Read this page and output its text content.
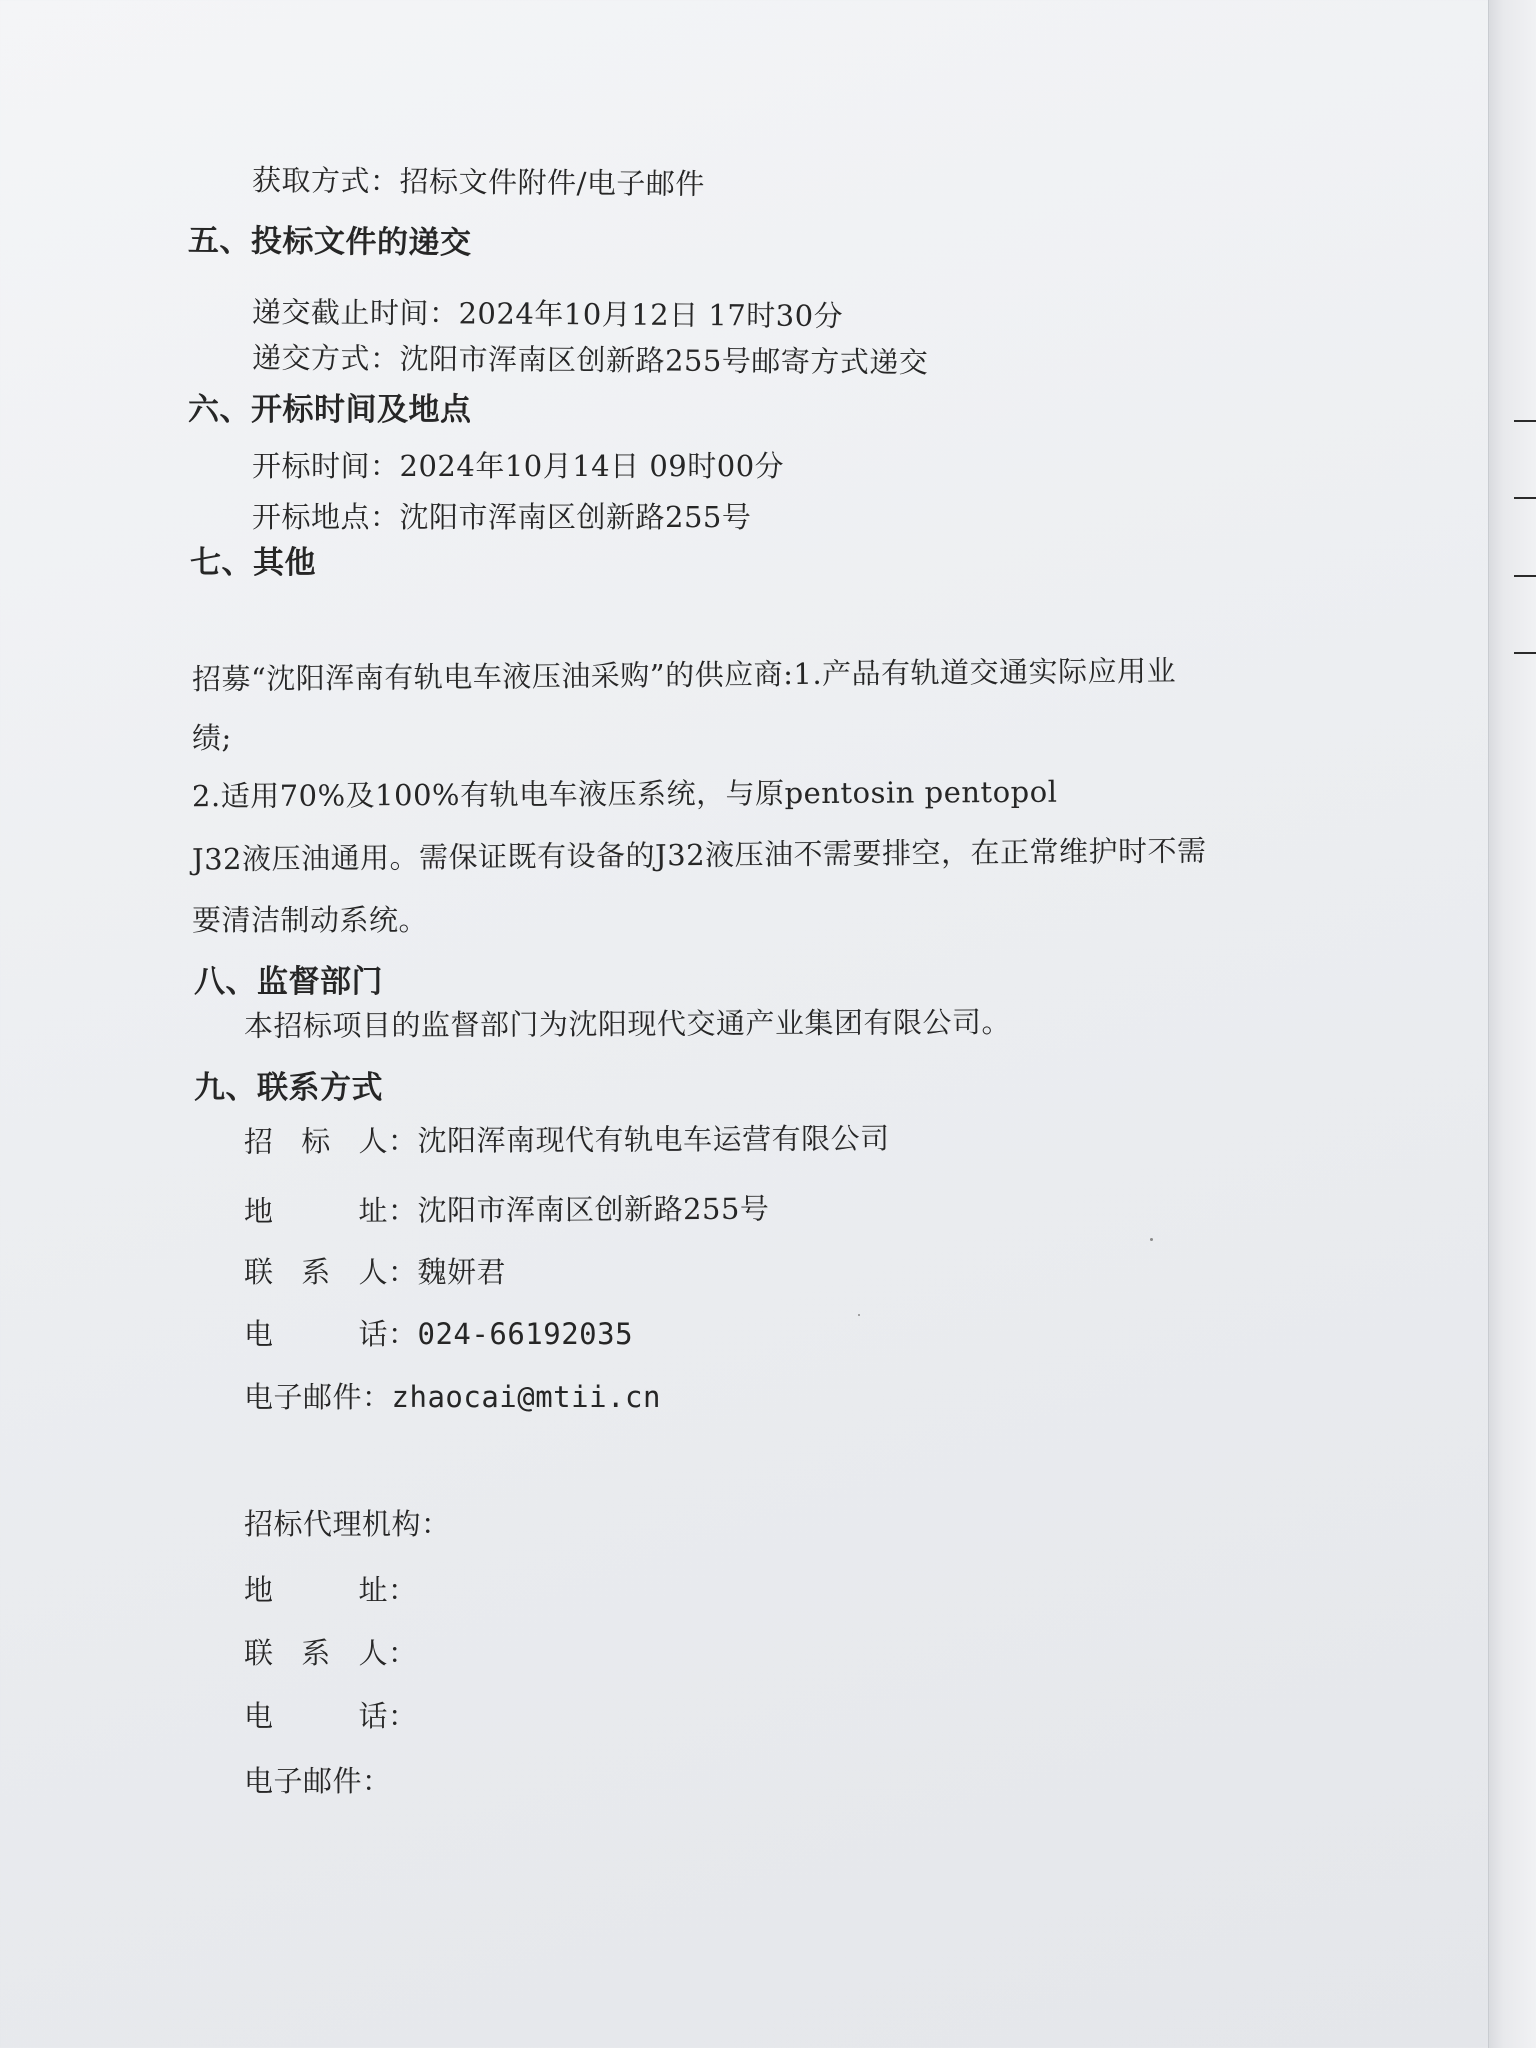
获取方式：招标文件附件/电子邮件
五、投标文件的递交
递交截止时间：2024年10月12日 17时30分
递交方式：沈阳市浑南区创新路255号邮寄方式递交
六、开标时间及地点
开标时间：2024年10月14日 09时00分
开标地点：沈阳市浑南区创新路255号
七、其他
招募“沈阳浑南有轨电车液压油采购”的供应商:1.产品有轨道交通实际应用业
绩;
2.适用70%及100%有轨电车液压系统，与原pentosin pentopol
J32液压油通用。需保证既有设备的J32液压油不需要排空，在正常维护时不需
要清洁制动系统。
八、监督部门
本招标项目的监督部门为沈阳现代交通产业集团有限公司。
九、联系方式
招 标 人：沈阳浑南现代有轨电车运营有限公司
地 址：沈阳市浑南区创新路255号
联 系 人：魏妍君
电 话：024-66192035
电子邮件：zhaocai@mtii.cn
招标代理机构：
地 址：
联 系 人：
电 话：
电子邮件：
